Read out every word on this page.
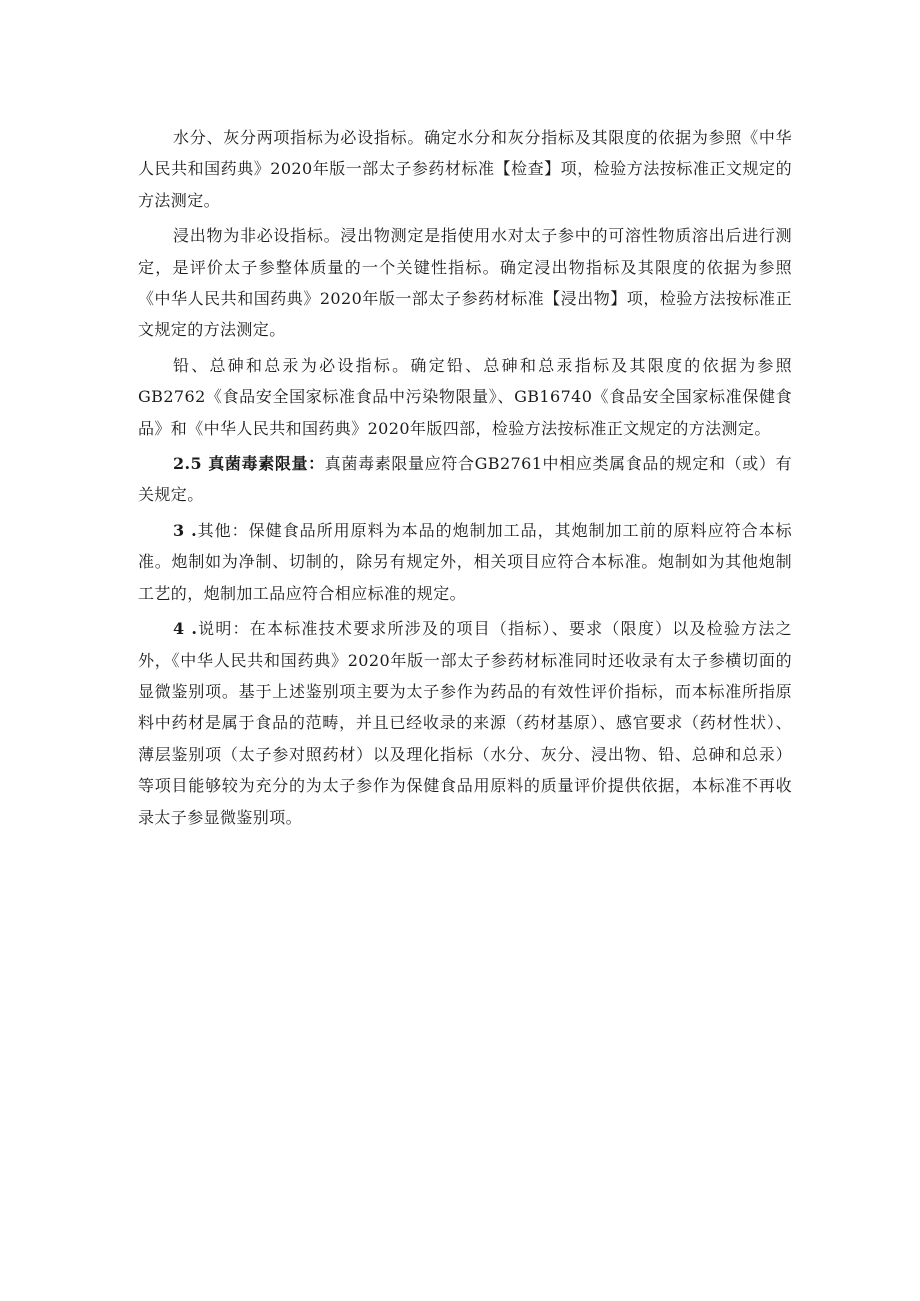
水分、灰分两项指标为必设指标。确定水分和灰分指标及其限度的依据为参照《中华人民共和国药典》2020年版一部太子参药材标准【检查】项，检验方法按标准正文规定的方法测定。

浸出物为非必设指标。浸出物测定是指使用水对太子参中的可溶性物质溶出后进行测定，是评价太子参整体质量的一个关键性指标。确定浸出物指标及其限度的依据为参照《中华人民共和国药典》2020年版一部太子参药材标准【浸出物】项，检验方法按标准正文规定的方法测定。

铅、总砷和总汞为必设指标。确定铅、总砷和总汞指标及其限度的依据为参照GB2762《食品安全国家标准食品中污染物限量》、GB16740《食品安全国家标准保健食品》和《中华人民共和国药典》2020年版四部，检验方法按标准正文规定的方法测定。

2.5 真菌毒素限量：真菌毒素限量应符合GB2761中相应类属食品的规定和（或）有关规定。

3 .其他：保健食品所用原料为本品的炮制加工品，其炮制加工前的原料应符合本标准。炮制如为净制、切制的，除另有规定外，相关项目应符合本标准。炮制如为其他炮制工艺的，炮制加工品应符合相应标准的规定。

4 .说明：在本标准技术要求所涉及的项目（指标）、要求（限度）以及检验方法之外，《中华人民共和国药典》2020年版一部太子参药材标准同时还收录有太子参横切面的显微鉴别项。基于上述鉴别项主要为太子参作为药品的有效性评价指标，而本标准所指原料中药材是属于食品的范畴，并且已经收录的来源（药材基原）、感官要求（药材性状）、薄层鉴别项（太子参对照药材）以及理化指标（水分、灰分、浸出物、铅、总砷和总汞）等项目能够较为充分的为太子参作为保健食品用原料的质量评价提供依据，本标准不再收录太子参显微鉴别项。
